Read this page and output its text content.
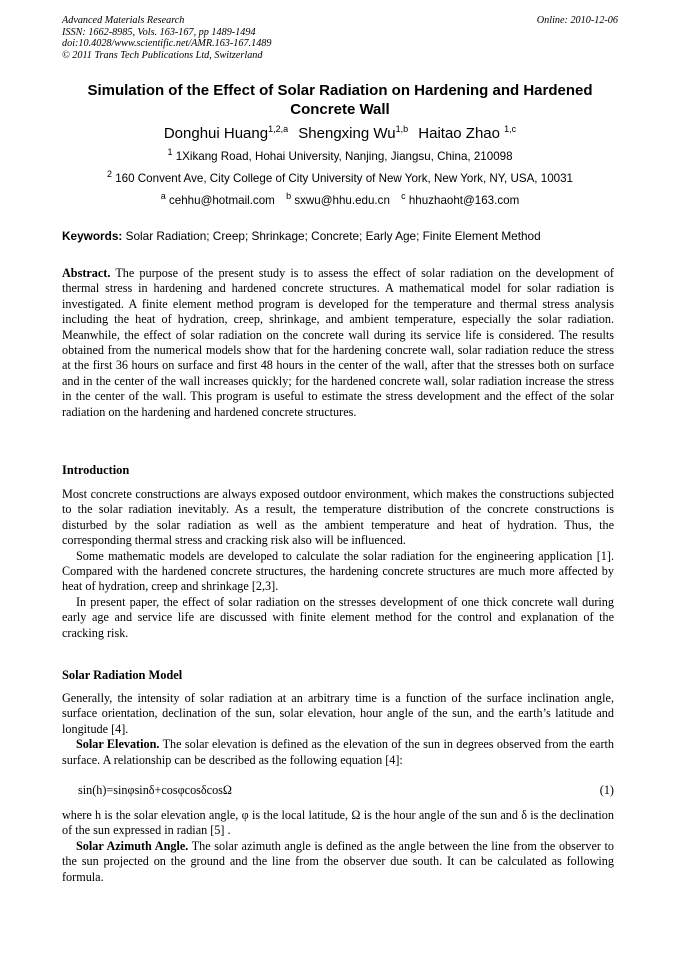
Advanced Materials Research
ISSN: 1662-8985, Vols. 163-167, pp 1489-1494
doi:10.4028/www.scientific.net/AMR.163-167.1489
© 2011 Trans Tech Publications Ltd, Switzerland
Online: 2010-12-06
Simulation of the Effect of Solar Radiation on Hardening and Hardened Concrete Wall
Donghui Huang$^{1,2,a}$ Shengxing Wu$^{1,b}$ Haitao Zhao $^{1,c}$
$^1$ 1Xikang Road, Hohai University, Nanjing, Jiangsu, China, 210098
$^2$ 160 Convent Ave, City College of City University of New York, New York, NY, USA, 10031
$^a$ cehhu@hotmail.com $^b$ sxwu@hhu.edu.cn $^c$ hhuzhaoht@163.com
Keywords: Solar Radiation; Creep; Shrinkage; Concrete; Early Age; Finite Element Method

Abstract. The purpose of the present study is to assess the effect of solar radiation on the development of thermal stress in hardening and hardened concrete structures. A mathematical model for solar radiation is investigated. A finite element method program is developed for the temperature and thermal stress analysis including the heat of hydration, creep, shrinkage, and ambient temperature, especially the solar radiation. Meanwhile, the effect of solar radiation on the concrete wall during its service life is considered. The results obtained from the numerical models show that for the hardening concrete wall, solar radiation reduce the stress at the first 36 hours on surface and first 48 hours in the center of the wall, after that the stresses both on surface and in the center of the wall increases quickly; for the hardened concrete wall, solar radiation increase the stress in the center of the wall. This program is useful to estimate the stress development and the effect of the solar radiation on the hardening and hardened concrete structures.

Introduction

Most concrete constructions are always exposed outdoor environment, which makes the constructions subjected to the solar radiation inevitably. As a result, the temperature distribution of the concrete constructions is disturbed by the solar radiation as well as the ambient temperature and heat of hydration. Thus, the corresponding thermal stress and cracking risk also will be influenced.

Some mathematic models are developed to calculate the solar radiation for the engineering application [1]. Compared with the hardened concrete structures, the hardening concrete structures are much more affected by heat of hydration, creep and shrinkage [2,3].

In present paper, the effect of solar radiation on the stresses development of one thick concrete wall during early age and service life are discussed with finite element method for the control and explanation of the cracking risk.

Solar Radiation Model

Generally, the intensity of solar radiation at an arbitrary time is a function of the surface inclination angle, surface orientation, declination of the sun, solar elevation, hour angle of the sun, and the earth’s latitude and longitude [4].

Solar Elevation. The solar elevation is defined as the elevation of the sun in degrees observed from the earth surface. A relationship can be described as the following equation [4]:

sin(h)=sinφsinδ+cosφcosδcosΩ	(1)

where h is the solar elevation angle, φ is the local latitude, Ω is the hour angle of the sun and δ is the declination of the sun expressed in radian [5] .

Solar Azimuth Angle. The solar azimuth angle is defined as the angle between the line from the observer to the sun projected on the ground and the line from the observer due south. It can be calculated as following formula.
